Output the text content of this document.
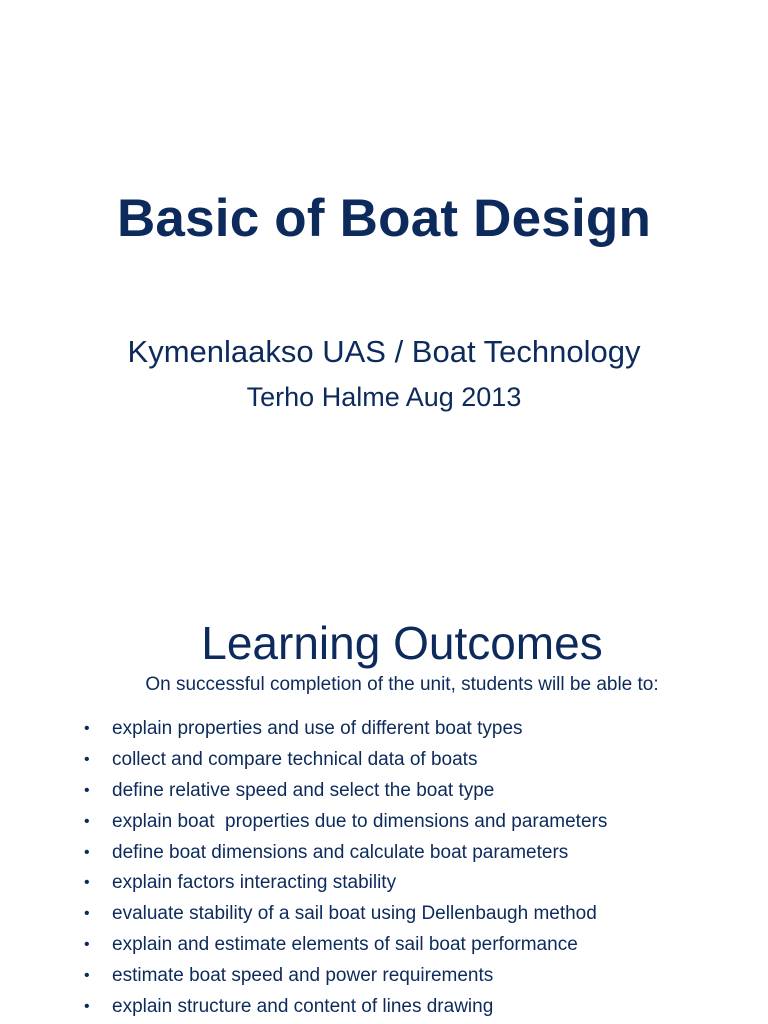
Basic of Boat Design
Kymenlaakso UAS / Boat Technology
Terho Halme Aug 2013
Learning Outcomes
On successful completion of the unit, students will be able to:
• explain properties and use of different boat types
• collect and compare technical data of boats
• define relative speed and select the boat type
• explain boat  properties due to dimensions and parameters
• define boat dimensions and calculate boat parameters
• explain factors interacting stability
• evaluate stability of a sail boat using Dellenbaugh method
• explain and estimate elements of sail boat performance
• estimate boat speed and power requirements
• explain structure and content of lines drawing
